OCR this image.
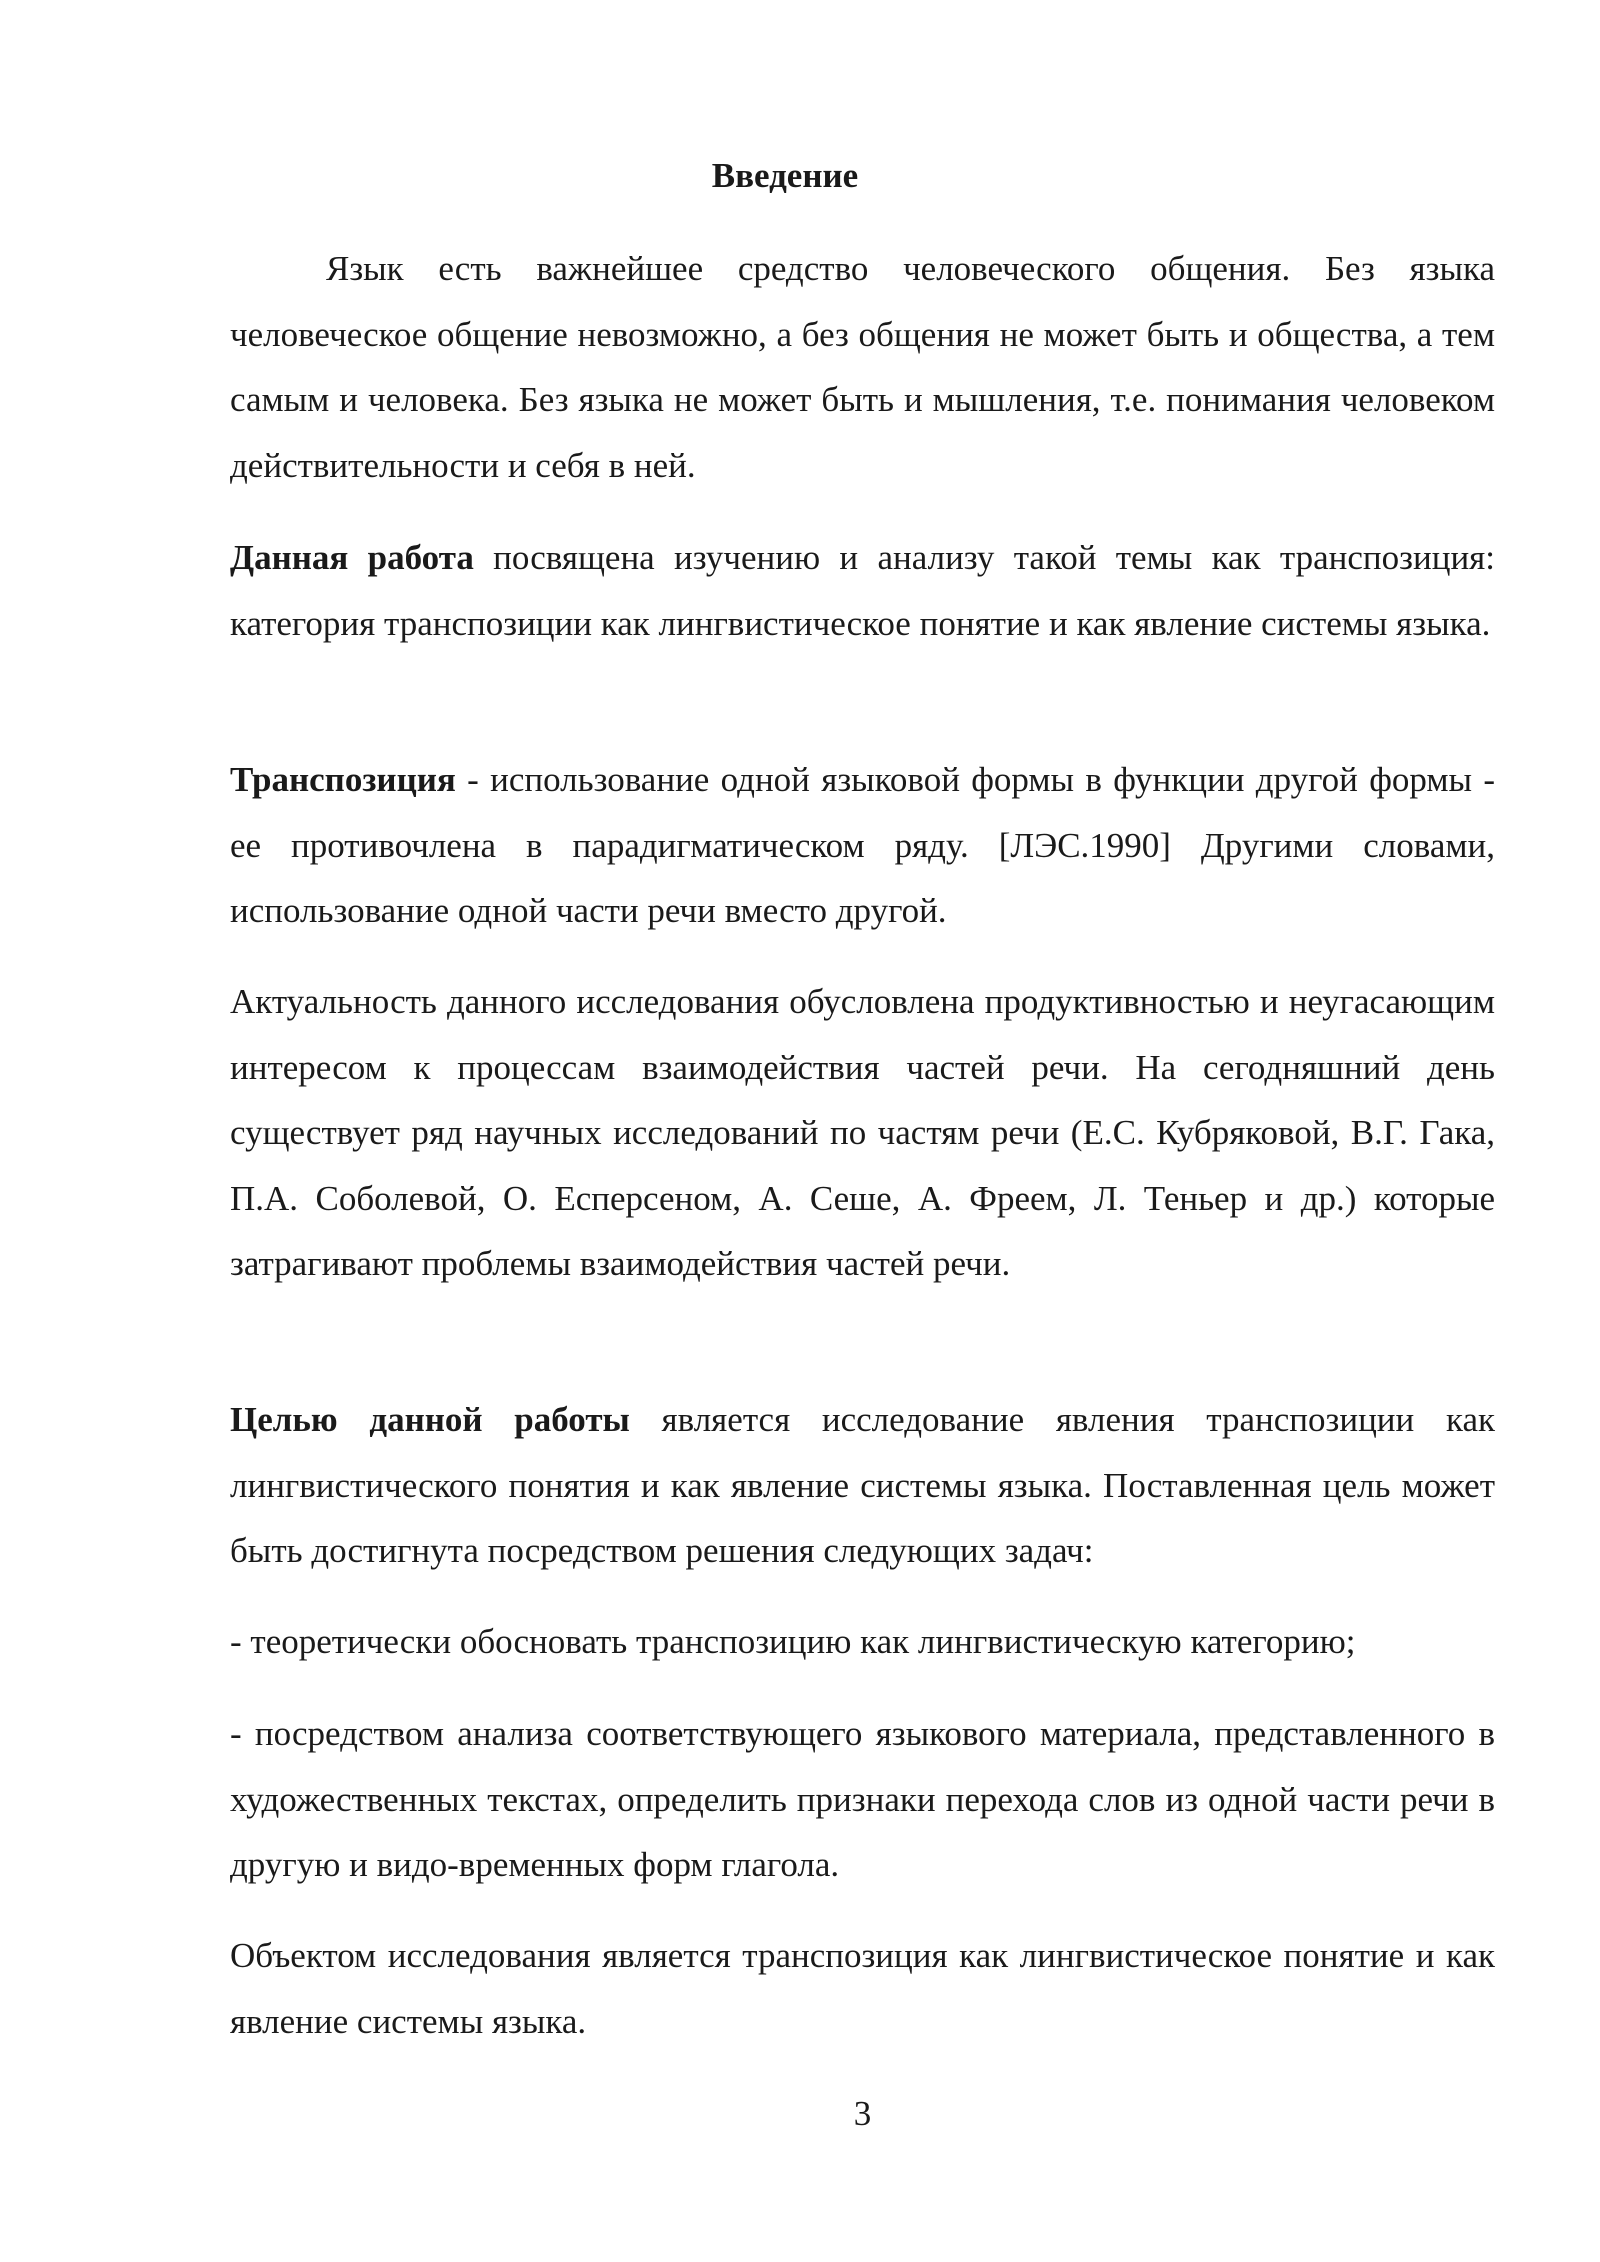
Введение

Язык есть важнейшее средство человеческого общения. Без языка человеческое общение невозможно, а без общения не может быть и общества, а тем самым и человека. Без языка не может быть и мышления, т.е. понимания человеком действительности и себя в ней.

Данная работа посвящена изучению и анализу такой темы как транспозиция: категория транспозиции как лингвистическое понятие и как явление системы языка.

Транспозиция - использование одной языковой формы в функции другой формы - ее противочлена в парадигматическом ряду. [ЛЭС.1990] Другими словами, использование одной части речи вместо другой.

Актуальность данного исследования обусловлена продуктивностью и неугасающим интересом к процессам взаимодействия частей речи. На сегодняшний день существует ряд научных исследований по частям речи (Е.С. Кубряковой, В.Г. Гака, П.А. Соболевой, О. Есперсеном, А. Сеше, А. Фреем, Л. Теньер и др.) которые затрагивают проблемы взаимодействия частей речи.

Целью данной работы является исследование явления транспозиции как лингвистического понятия и как явление системы языка. Поставленная цель может быть достигнута посредством решения следующих задач:

- теоретически обосновать транспозицию как лингвистическую категорию;

- посредством анализа соответствующего языкового материала, представленного в художественных текстах, определить признаки перехода слов из одной части речи в другую и видо-временных форм глагола.

Объектом исследования является транспозиция как лингвистическое понятие и как явление системы языка.

3
